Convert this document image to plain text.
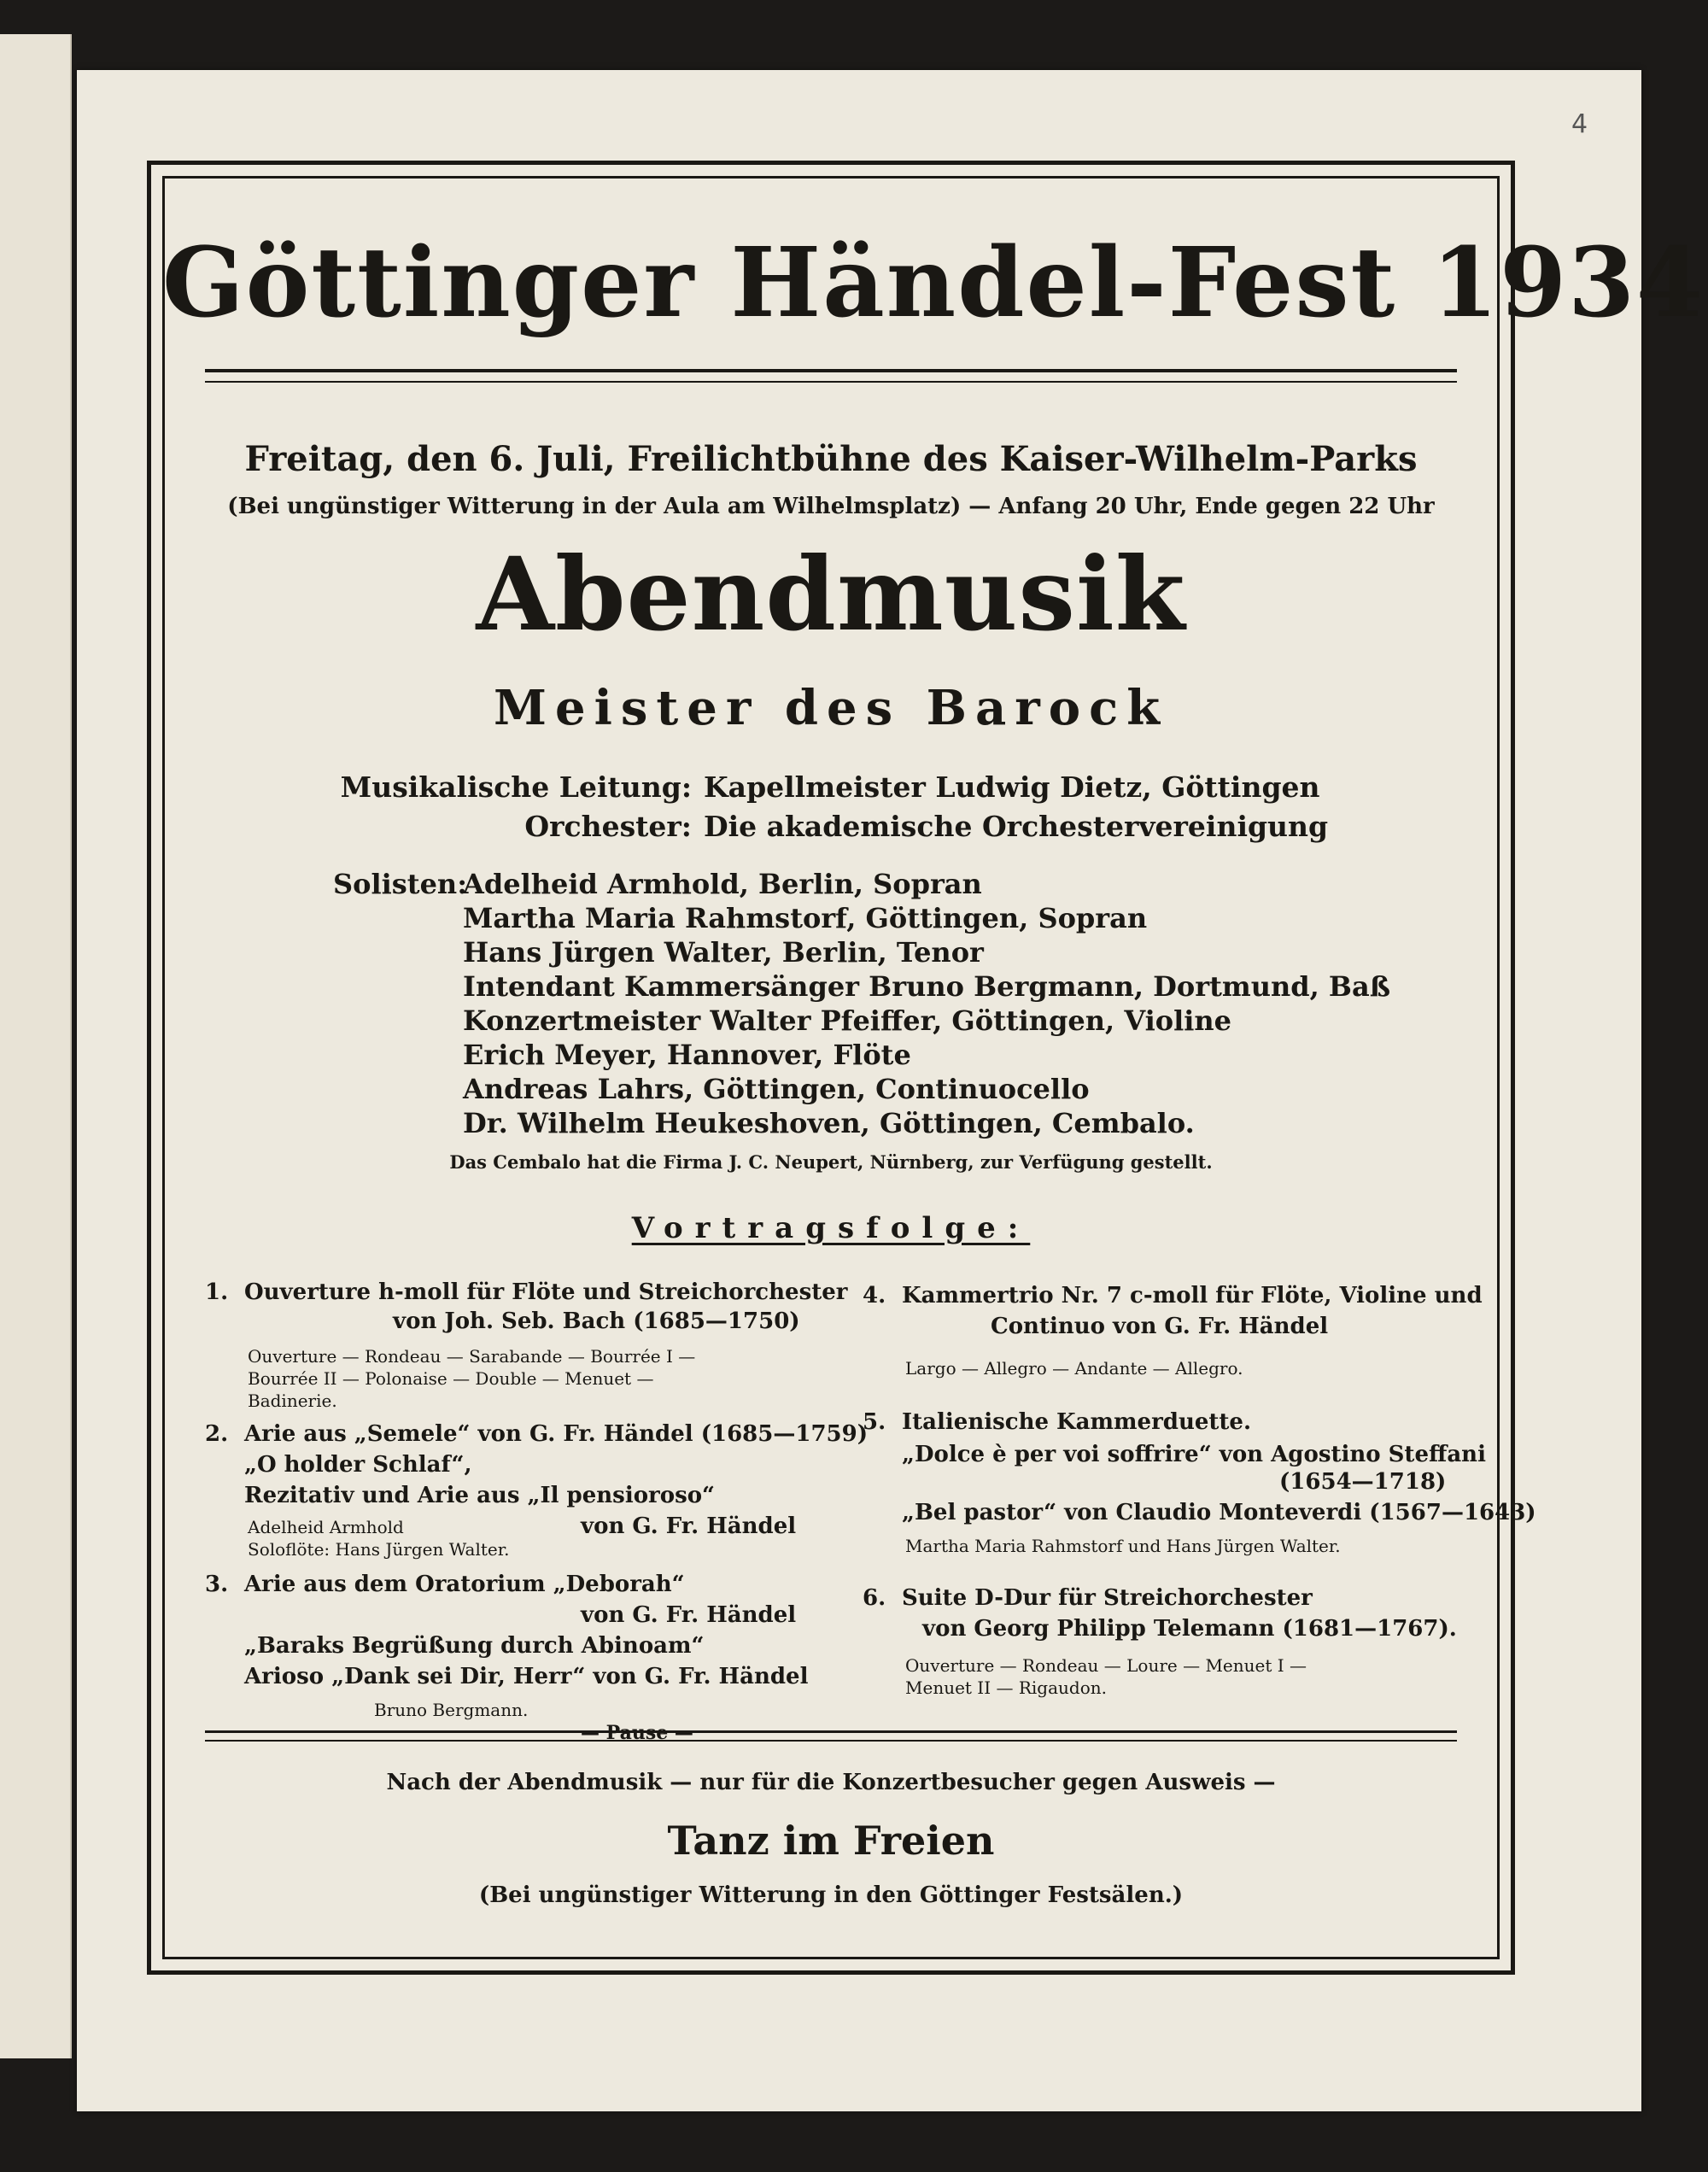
4
Göttinger Händel-Fest 1934
Freitag, den 6. Juli, Freilichtbühne des Kaiser-Wilhelm-Parks
(Bei ungünstiger Witterung in der Aula am Wilhelmsplatz) — Anfang 20 Uhr, Ende gegen 22 Uhr
Abendmusik
Meister des Barock
Musikalische Leitung: Kapellmeister Ludwig Dietz, Göttingen
Orchester: Die akademische Orchestervereinigung
Solisten:
Adelheid Armhold, Berlin, Sopran
Martha Maria Rahmstorf, Göttingen, Sopran
Hans Jürgen Walter, Berlin, Tenor
Intendant Kammersänger Bruno Bergmann, Dortmund, Baß
Konzertmeister Walter Pfeiffer, Göttingen, Violine
Erich Meyer, Hannover, Flöte
Andreas Lahrs, Göttingen, Continuocello
Dr. Wilhelm Heukeshoven, Göttingen, Cembalo.
Das Cembalo hat die Firma J. C. Neupert, Nürnberg, zur Verfügung gestellt.
Vortragsfolge:
1. Ouverture h-moll für Flöte und Streichorchester
von Joh. Seb. Bach (1685—1750)
Ouverture — Rondeau — Sarabande — Bourrée I —
Bourrée II — Polonaise — Double — Menuet —
Badinerie.
2. Arie aus „Semele“ von G. Fr. Händel (1685—1759)
„O holder Schlaf“,
Rezitativ und Arie aus „Il pensioroso“
Adelheid Armhold	von G. Fr. Händel
Soloflöte: Hans Jürgen Walter.
3. Arie aus dem Oratorium „Deborah“
von G. Fr. Händel
„Baraks Begrüßung durch Abinoam“
Arioso „Dank sei Dir, Herr“ von G. Fr. Händel
Bruno Bergmann.
4. Kammertrio Nr. 7 c-moll für Flöte, Violine und
Continuo von G. Fr. Händel
Largo — Allegro — Andante — Allegro.
5. Italienische Kammerduette.
„Dolce è per voi soffrire“ von Agostino Steffani
(1654—1718)
„Bel pastor“ von Claudio Monteverdi (1567—1643)
Martha Maria Rahmstorf und Hans Jürgen Walter.
6. Suite D-Dur für Streichorchester
von Georg Philipp Telemann (1681—1767).
Ouverture — Rondeau — Loure — Menuet I —
Menuet II — Rigaudon.
Nach der Abendmusik — nur für die Konzertbesucher gegen Ausweis —
Tanz im Freien
(Bei ungünstiger Witterung in den Göttinger Festsälen.)
— Pause —
